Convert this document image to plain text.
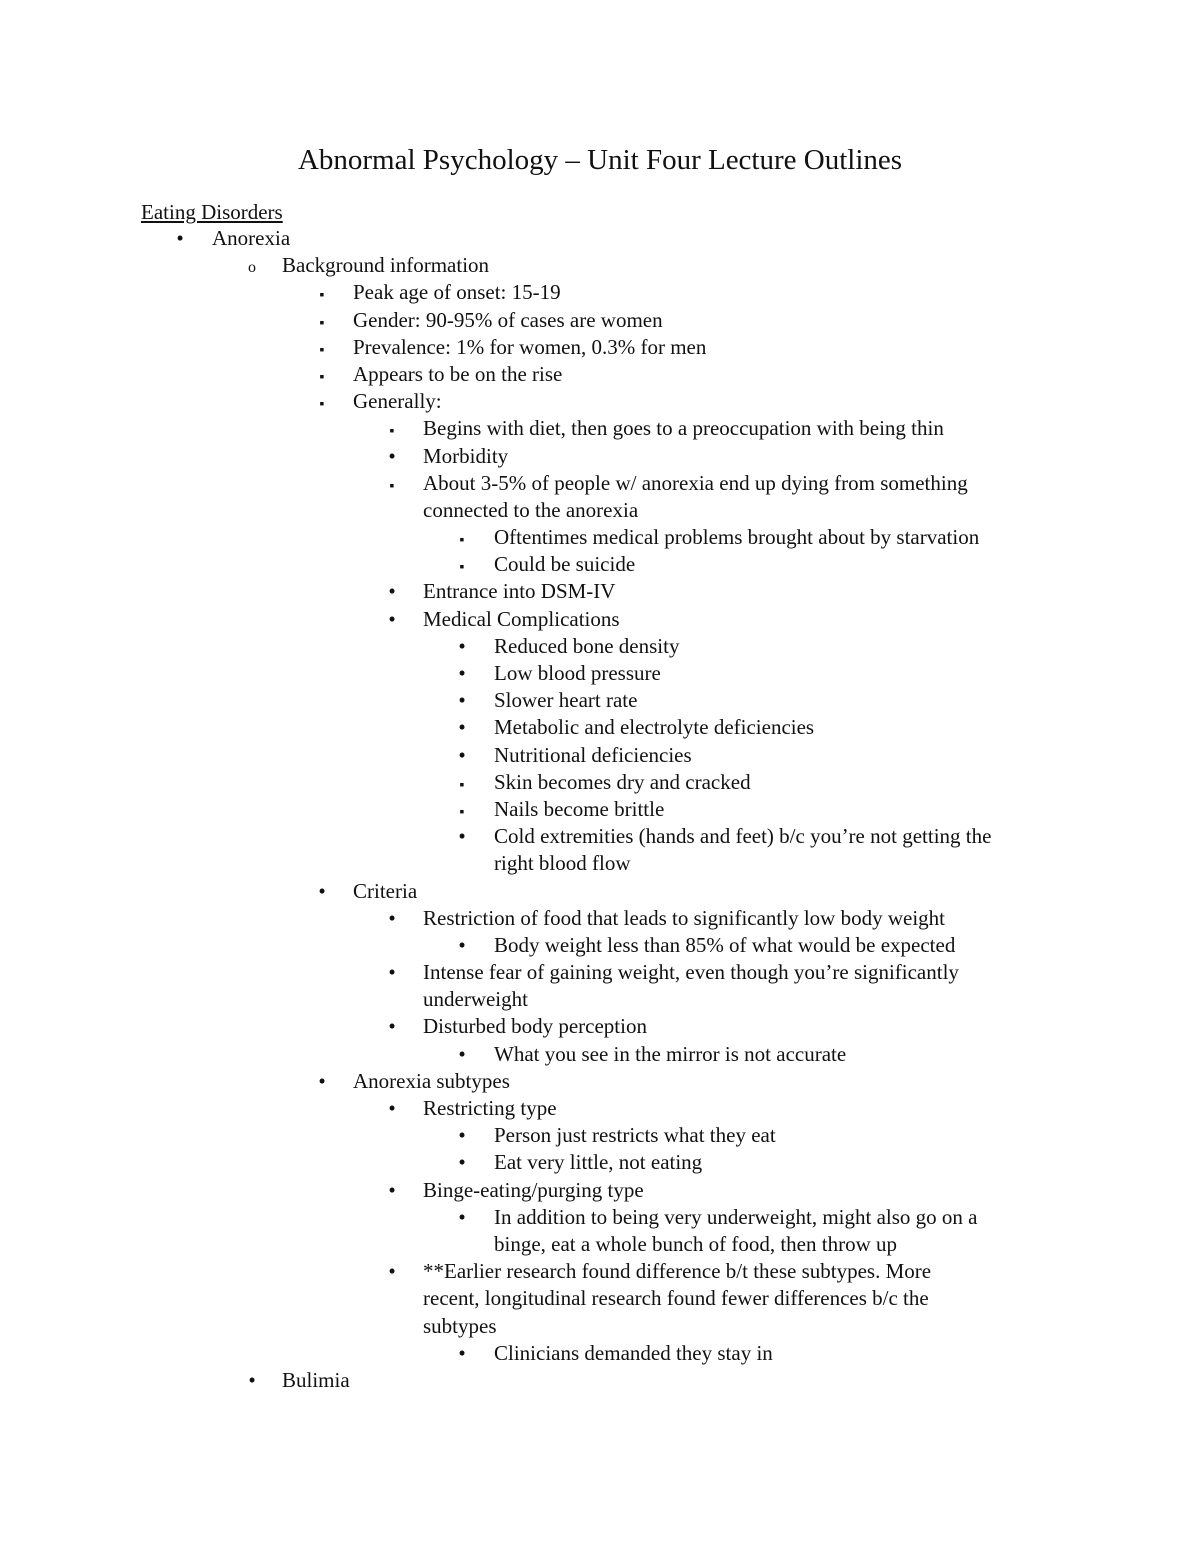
Abnormal Psychology – Unit Four Lecture Outlines
Eating Disorders
•
Anorexia
o
Background information
▪
Peak age of onset: 15-19
▪
Gender: 90-95% of cases are women
▪
Prevalence: 1% for women, 0.3% for men
▪
Appears to be on the rise
▪
Generally:
▪
Begins with diet, then goes to a preoccupation with being thin
•
Morbidity
▪
About 3-5% of people w/ anorexia end up dying from something
connected to the anorexia
▪
Oftentimes medical problems brought about by starvation
▪
Could be suicide
•
Entrance into DSM-IV
•
Medical Complications
•
Reduced bone density
•
Low blood pressure
•
Slower heart rate
•
Metabolic and electrolyte deficiencies
•
Nutritional deficiencies
▪
Skin becomes dry and cracked
▪
Nails become brittle
•
Cold extremities (hands and feet) b/c you’re not getting the
right blood flow
•
Criteria
•
Restriction of food that leads to significantly low body weight
•
Body weight less than 85% of what would be expected
•
Intense fear of gaining weight, even though you’re significantly
underweight
•
Disturbed body perception
•
What you see in the mirror is not accurate
•
Anorexia subtypes
•
Restricting type
•
Person just restricts what they eat
•
Eat very little, not eating
•
Binge-eating/purging type
•
In addition to being very underweight, might also go on a
binge, eat a whole bunch of food, then throw up
•
**Earlier research found difference b/t these subtypes. More
recent, longitudinal research found fewer differences b/c the
subtypes
•
Clinicians demanded they stay in
•
Bulimia
